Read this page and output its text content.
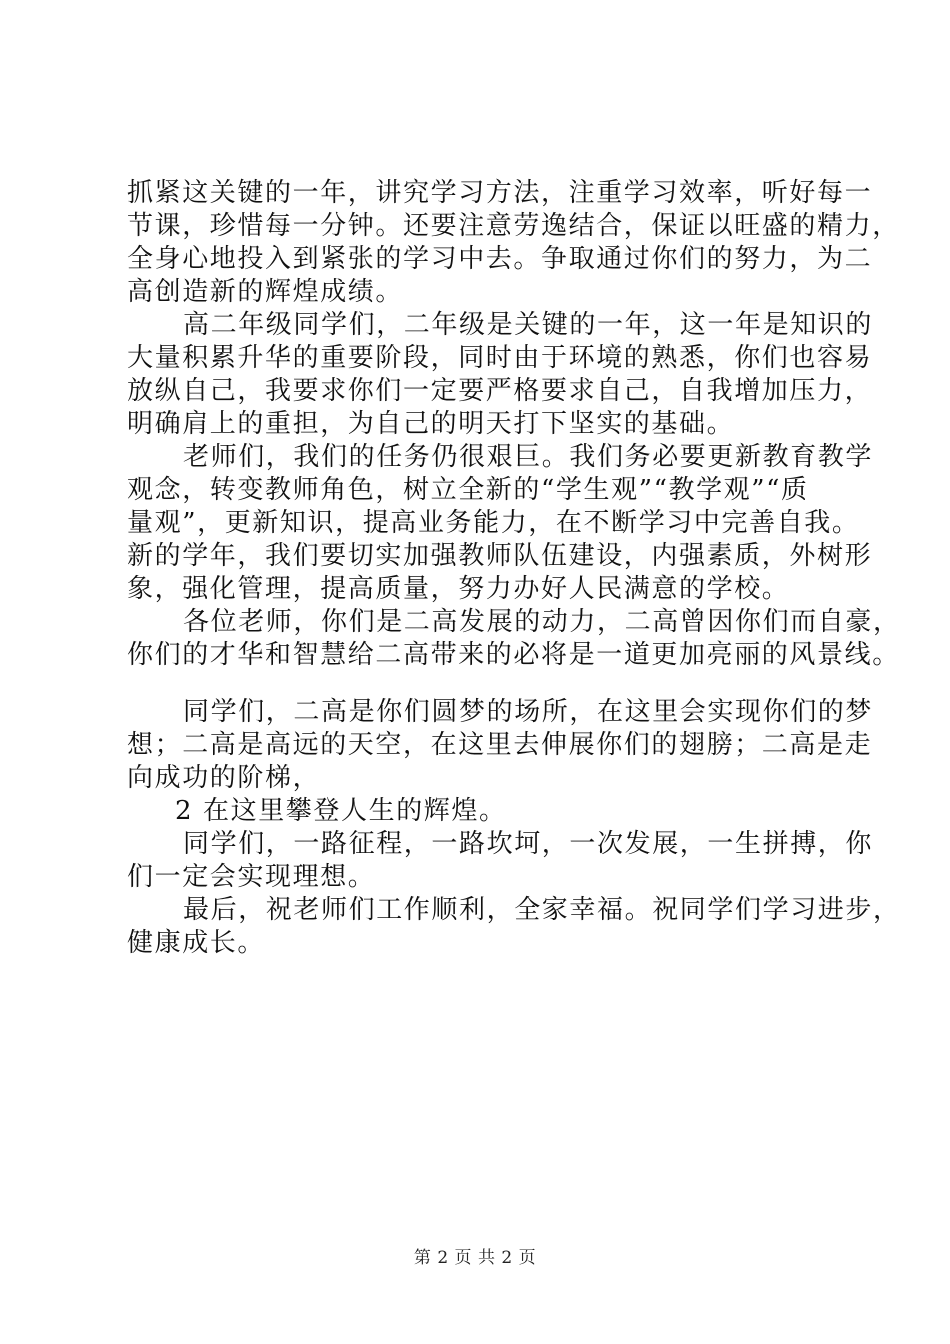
抓紧这关键的一年，讲究学习方法，注重学习效率，听好每一
节课，珍惜每一分钟。还要注意劳逸结合，保证以旺盛的精力，
全身心地投入到紧张的学习中去。争取通过你们的努力，为二
高创造新的辉煌成绩。
高二年级同学们，二年级是关键的一年，这一年是知识的
大量积累升华的重要阶段，同时由于环境的熟悉，你们也容易
放纵自己，我要求你们一定要严格要求自己，自我增加压力，
明确肩上的重担，为自己的明天打下坚实的基础。
老师们，我们的任务仍很艰巨。我们务必要更新教育教学
观念，转变教师角色，树立全新的“学生观”“教学观”“质
量观”，更新知识，提高业务能力，在不断学习中完善自我。
新的学年，我们要切实加强教师队伍建设，内强素质，外树形
象，强化管理，提高质量，努力办好人民满意的学校。
各位老师，你们是二高发展的动力，二高曾因你们而自豪，
你们的才华和智慧给二高带来的必将是一道更加亮丽的风景线。
同学们，二高是你们圆梦的场所，在这里会实现你们的梦
想；二高是高远的天空，在这里去伸展你们的翅膀；二高是走
向成功的阶梯，
2 在这里攀登人生的辉煌。
同学们，一路征程，一路坎坷，一次发展，一生拼搏，你
们一定会实现理想。
最后，祝老师们工作顺利，全家幸福。祝同学们学习进步，
健康成长。
第 2 页 共 2 页
